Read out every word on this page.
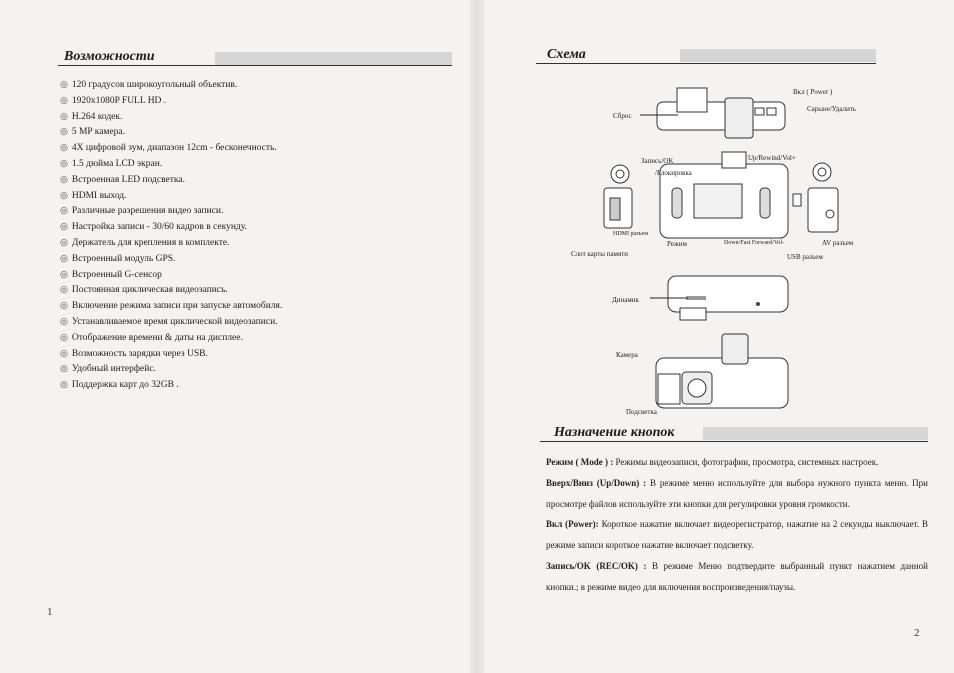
Возможности
◎ 120 градусов широкоугольный объектив.
◎ 1920x1080P FULL HD .
◎ H.264 кодек.
◎ 5 MP камера.
◎ 4X цифровой зум, диапазон 12cm - бесконечность.
◎ 1.5 дюйма LCD экран.
◎ Встроенная LED подсветка.
◎ HDMI выход.
◎ Различные разрешения видео записи.
◎ Настройка записи - 30/60 кадров в секунду.
◎ Держатель для крепления в комплекте.
◎ Встроенный модуль GPS.
◎ Встроенный G-сенсор
◎ Постоянная циклическая видеозапись.
◎ Включение режима записи при запуске автомобиля.
◎ Устанавливаемое время циклической видеозаписи.
◎ Отображение времени & даты на дисплее.
◎ Возможность зарядки через USB.
◎ Удобный интерфейс.
◎ Поддержка карт до 32GB .
1
Схема
Вкл ( Power )
Сарыне/Удалить
Сброс
Запись/OK
/Блокировка
Up/Rewind/Vol+
HDMI разъем
Режим	Down/Fast Forward/Vol-	AV разъем
Слот карты памяти	USB разъем
Динамик
Камера
Подсветка
Назначение кнопок

Режим ( Mode ) : Режимы видеозаписи, фотографии, просмотра, системных настроек.

Вверх/Вниз (Up/Down) : В режиме меню используйте для выбора нужного пункта меню. При просмотре файлов используйте эти кнопки для регулировки уровня громкости.

Вкл (Power): Короткое нажатие включает видеорегистратор, нажатие на 2 секунды выключает. В режиме записи короткое нажатие включает подсветку.

Запись/OK (REC/OK) : В режиме Меню подтвердите выбранный пункт нажатием данной кнопки.; в режиме видео для включения воспроизведения/паузы.

2
